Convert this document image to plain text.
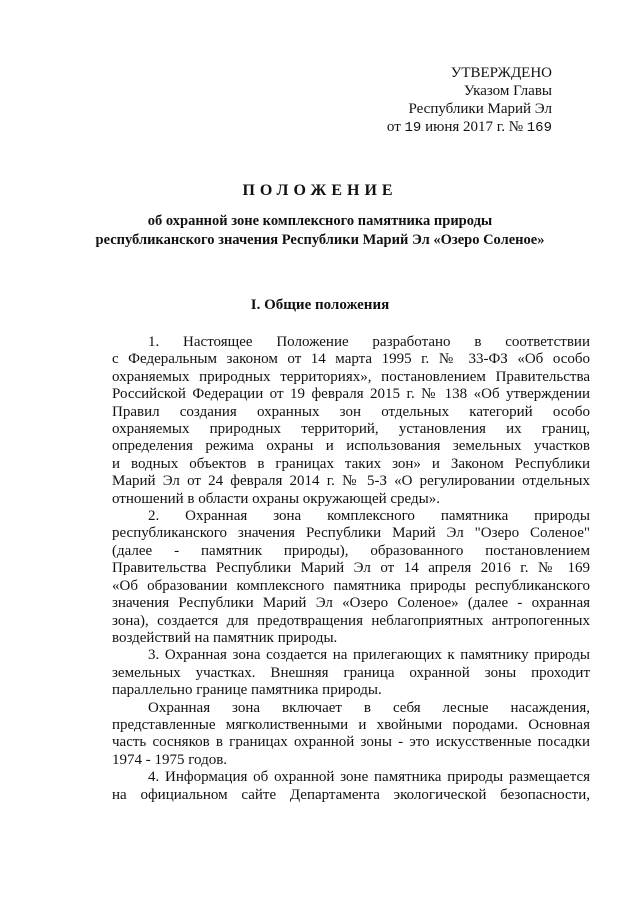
УТВЕРЖДЕНО
Указом Главы
Республики Марий Эл
от 19 июня 2017 г. № 169
ПОЛОЖЕНИЕ
об охранной зоне комплексного памятника природы
республиканского значения Республики Марий Эл «Озеро Соленое»
I. Общие положения

1. Настоящее Положение разработано в соответствии
с Федеральным законом от 14 марта 1995 г. № 33-ФЗ «Об особо
охраняемых природных территориях», постановлением Правительства
Российской Федерации от 19 февраля 2015 г. № 138 «Об утверждении
Правил создания охранных зон отдельных категорий особо
охраняемых природных территорий, установления их границ,
определения режима охраны и использования земельных участков
и водных объектов в границах таких зон» и Законом Республики
Марий Эл от 24 февраля 2014 г. № 5-З «О регулировании отдельных
отношений в области охраны окружающей среды».

2. Охранная зона комплексного памятника природы
республиканского значения Республики Марий Эл "Озеро Соленое"
(далее - памятник природы), образованного постановлением
Правительства Республики Марий Эл от 14 апреля 2016 г. № 169
«Об образовании комплексного памятника природы республиканского
значения Республики Марий Эл «Озеро Соленое» (далее - охранная
зона), создается для предотвращения неблагоприятных антропогенных
воздействий на памятник природы.

3. Охранная зона создается на прилегающих к памятнику природы
земельных участках. Внешняя граница охранной зоны проходит
параллельно границе памятника природы.

Охранная зона включает в себя лесные насаждения,
представленные мягколиственными и хвойными породами. Основная
часть сосняков в границах охранной зоны - это искусственные посадки
1974 - 1975 годов.

4. Информация об охранной зоне памятника природы размещается
на официальном сайте Департамента экологической безопасности,
